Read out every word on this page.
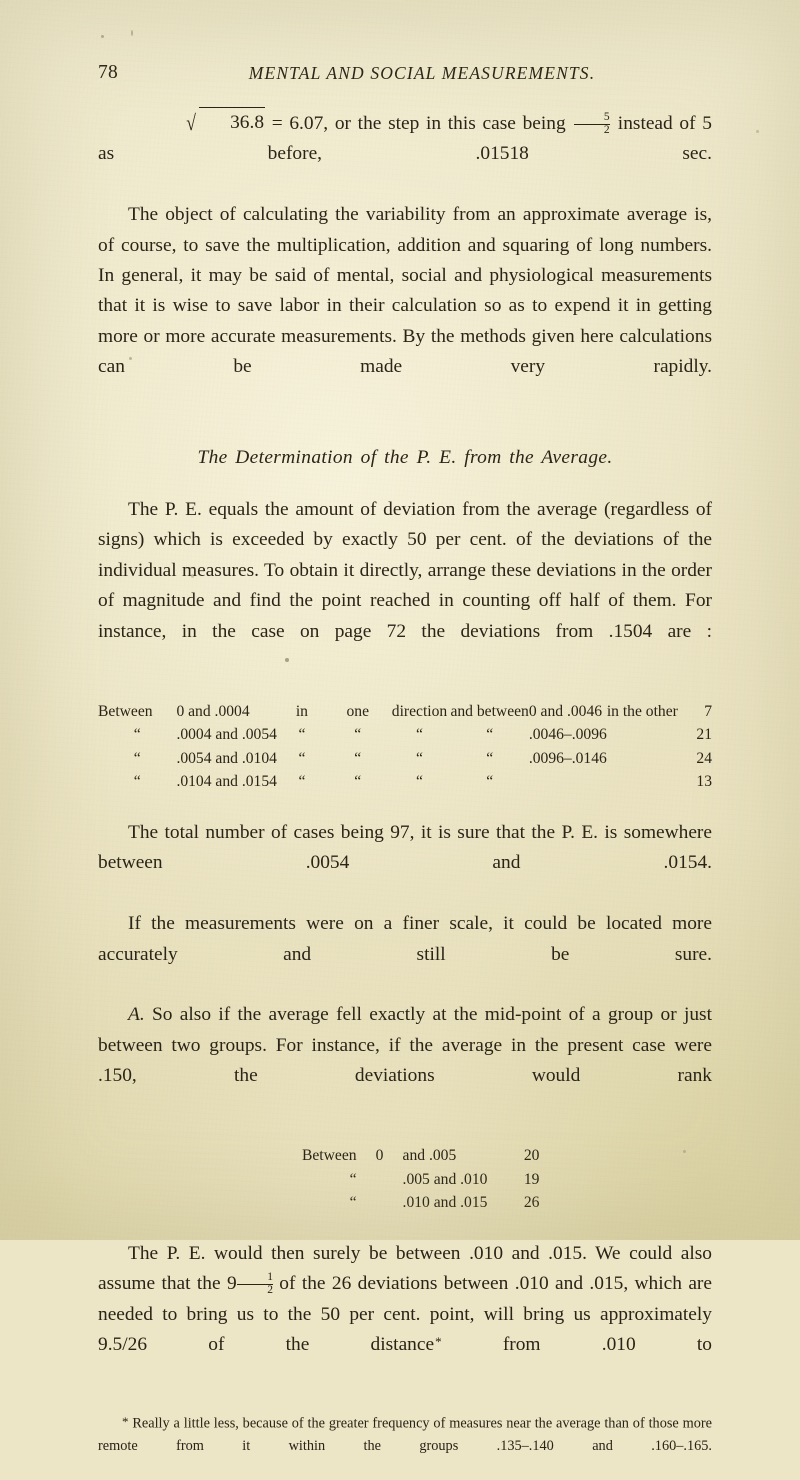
78	MENTAL AND SOCIAL MEASUREMENTS.

√ 36.8 = 6.07, or the step in this case being $\frac{5}{2}$ instead of 5 as before, .01518 sec.

The object of calculating the variability from an approximate average is, of course, to save the multiplication, addition and squaring of long numbers. In general, it may be said of mental, social and physiological measurements that it is wise to save labor in their calculation so as to expend it in getting more or more accurate measurements. By the methods given here calculations can be made very rapidly.

The Determination of the P. E. from the Average.

The P. E. equals the amount of deviation from the average (regardless of signs) which is exceeded by exactly 50 per cent. of the deviations of the individual measures. To obtain it directly, arrange these deviations in the order of magnitude and find the point reached in counting off half of them. For instance, in the case on page 72 the deviations from .1504 are :

Between	0 and .0004	in	one	direction	and between	0 and .0046	in the other	7
“	.0004 and .0054	“	“	“	“	.0046–.0096		21
“	.0054 and .0104	“	“	“	“	.0096–.0146		24
“	.0104 and .0154	“	“	“	“			13

The total number of cases being 97, it is sure that the P. E. is somewhere between .0054 and .0154.

If the measurements were on a finer scale, it could be located more accurately and still be sure.

A. So also if the average fell exactly at the mid-point of a group or just between two groups. For instance, if the average in the present case were .150, the deviations would rank

Between	0	and .005	20
“		.005 and .010	19
“		.010 and .015	26

The P. E. would then surely be between .010 and .015. We could also assume that the $9 \frac{1}{2}$ of the 26 deviations between .010 and .015, which are needed to bring us to the 50 per cent. point, will bring us approximately 9.5/26 of the distance* from .010 to

* Really a little less, because of the greater frequency of measures near the average than of those more remote from it within the groups .135–.140 and .160–.165.
